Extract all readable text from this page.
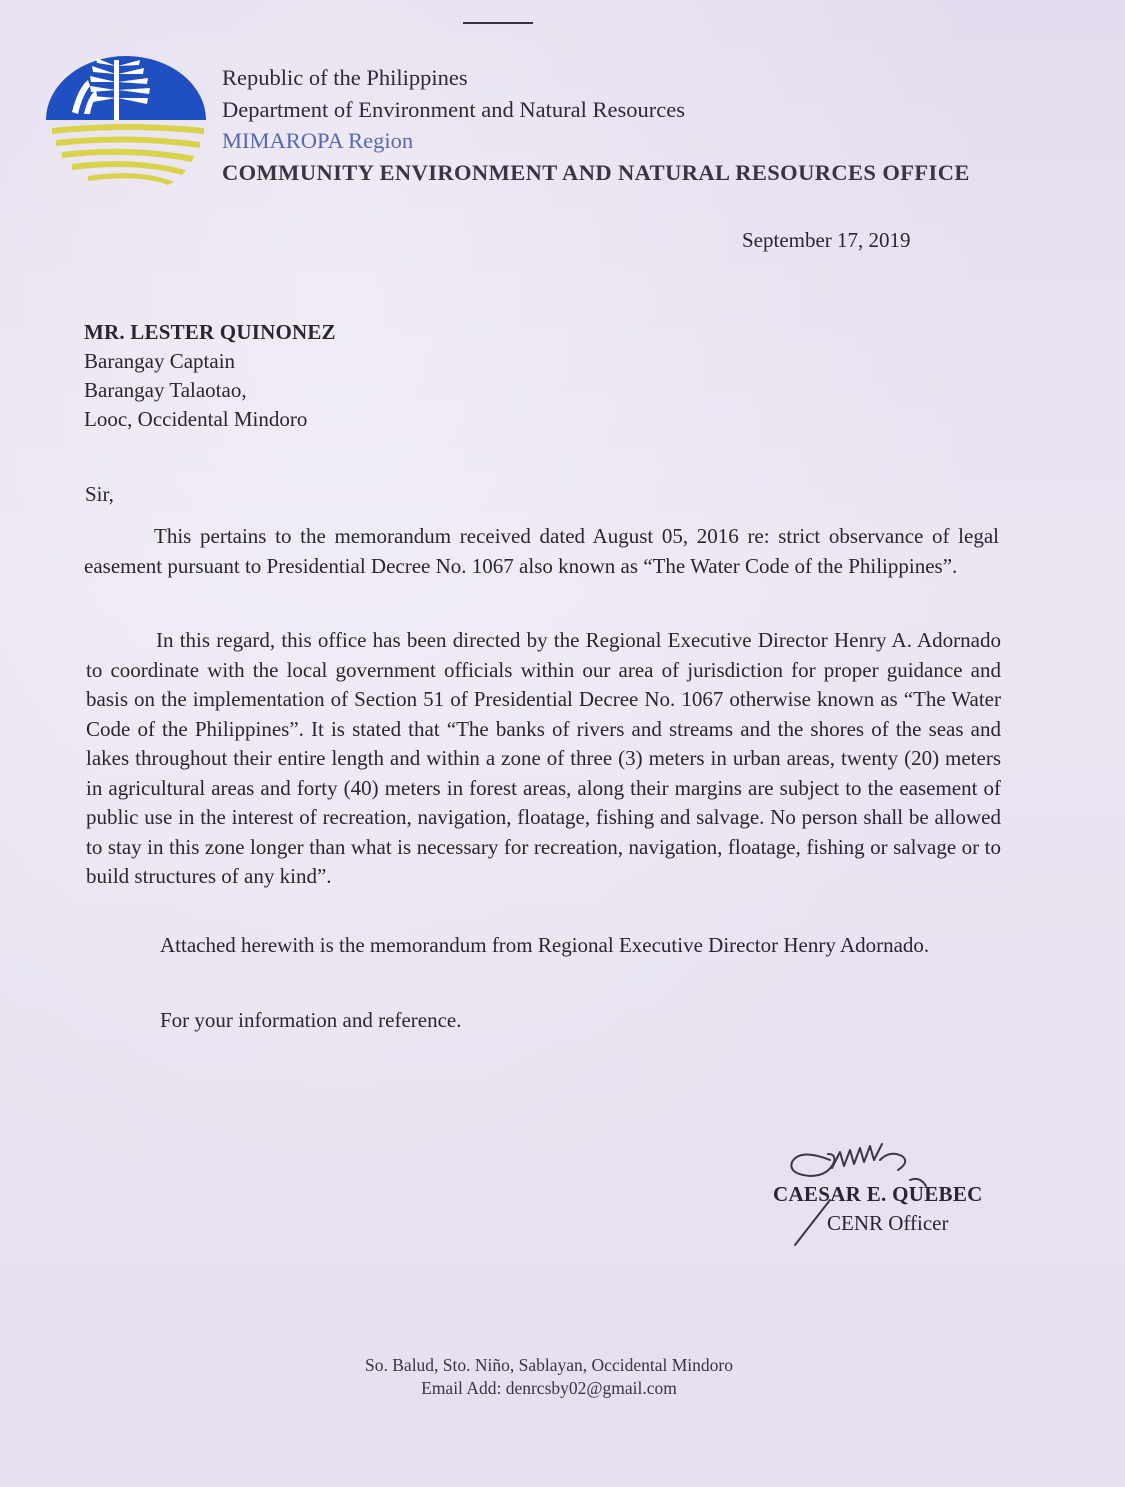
Republic of the Philippines
Department of Environment and Natural Resources
MIMAROPA Region
COMMUNITY ENVIRONMENT AND NATURAL RESOURCES OFFICE
September 17, 2019
MR. LESTER QUINONEZ
Barangay Captain
Barangay Talaotao,
Looc, Occidental Mindoro
Sir,
This pertains to the memorandum received dated August 05, 2016 re: strict observance of legal easement pursuant to Presidential Decree No. 1067 also known as “The Water Code of the Philippines”.
In this regard, this office has been directed by the Regional Executive Director Henry A. Adornado to coordinate with the local government officials within our area of jurisdiction for proper guidance and basis on the implementation of Section 51 of Presidential Decree No. 1067 otherwise known as “The Water Code of the Philippines”. It is stated that “The banks of rivers and streams and the shores of the seas and lakes throughout their entire length and within a zone of three (3) meters in urban areas, twenty (20) meters in agricultural areas and forty (40) meters in forest areas, along their margins are subject to the easement of public use in the interest of recreation, navigation, floatage, fishing and salvage. No person shall be allowed to stay in this zone longer than what is necessary for recreation, navigation, floatage, fishing or salvage or to build structures of any kind”.
Attached herewith is the memorandum from Regional Executive Director Henry Adornado.
For your information and reference.
CAESAR E. QUEBEC
CENR Officer
So. Balud, Sto. Niño, Sablayan, Occidental Mindoro
Email Add: denrcsby02@gmail.com
